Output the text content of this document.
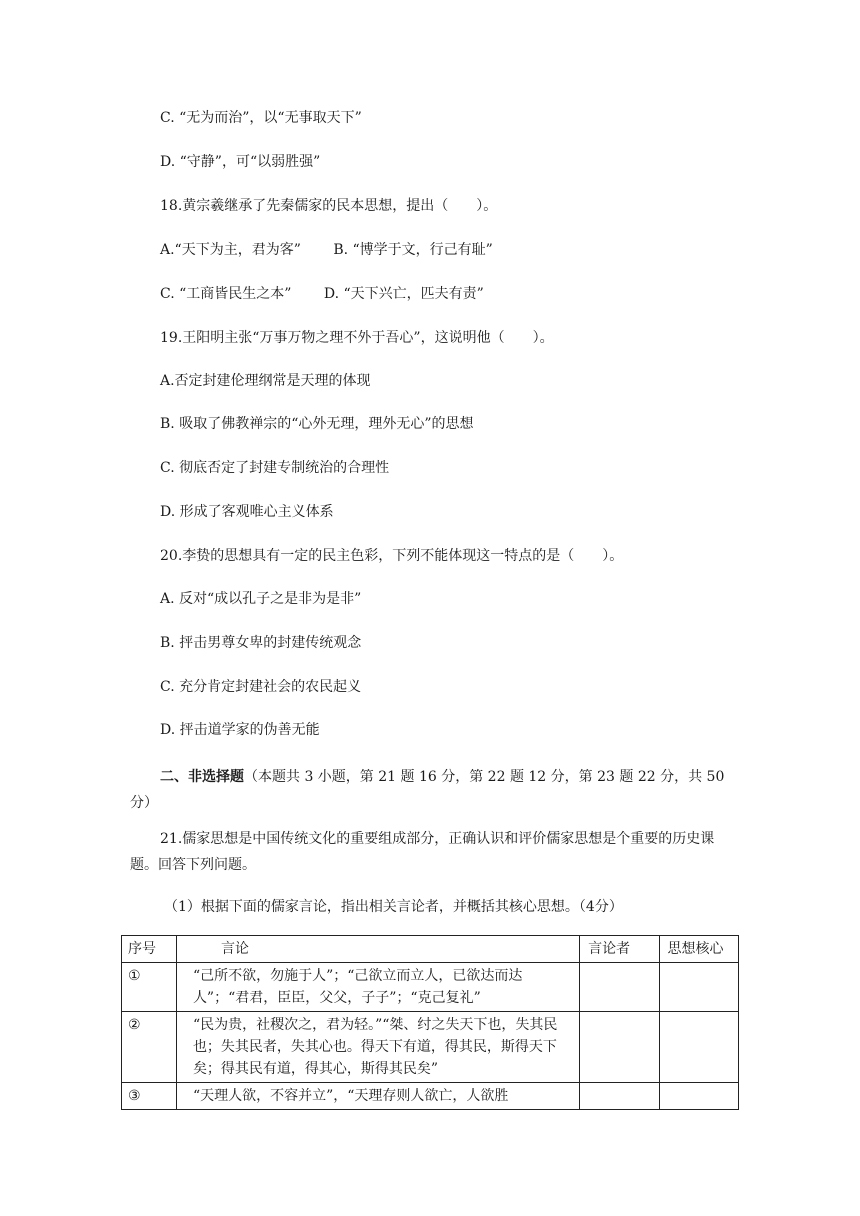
C. “无为而治”，以“无事取天下”
D. “守静”，可“以弱胜强”
18.黄宗羲继承了先秦儒家的民本思想，提出（　　）。
A.“天下为主，君为客”　　 B. “博学于文，行己有耻”
C. “工商皆民生之本”　　 D. “天下兴亡，匹夫有责”
19.王阳明主张“万事万物之理不外于吾心”，这说明他（　　）。
A.否定封建伦理纲常是天理的体现
B. 吸取了佛教禅宗的“心外无理，理外无心”的思想
C. 彻底否定了封建专制统治的合理性
D. 形成了客观唯心主义体系
20.李贽的思想具有一定的民主色彩，下列不能体现这一特点的是（　　）。
A. 反对“成以孔子之是非为是非”
B. 抨击男尊女卑的封建传统观念
C. 充分肯定封建社会的农民起义
D. 抨击道学家的伪善无能
二、非选择题（本题共 3 小题，第 21 题 16 分，第 22 题 12 分，第 23 题 22 分，共 50 分）
21.儒家思想是中国传统文化的重要组成部分，正确认识和评价儒家思想是个重要的历史课题。回答下列问题。
（1）根据下面的儒家言论，指出相关言论者，并概括其核心思想。（4分）
序号	言论	言论者	思想核心
①	“己所不欲，勿施于人”；“己欲立而立人，已欲达而达人”；“君君，臣臣，父父，子子”；“克己复礼”		
②	“民为贵，社稷次之，君为轻。”“桀、纣之失天下也，失其民也；失其民者，失其心也。得天下有道，得其民，斯得天下矣；得其民有道，得其心，斯得其民矣”		
③	“天理人欲，不容并立”，“天理存则人欲亡，人欲胜		
